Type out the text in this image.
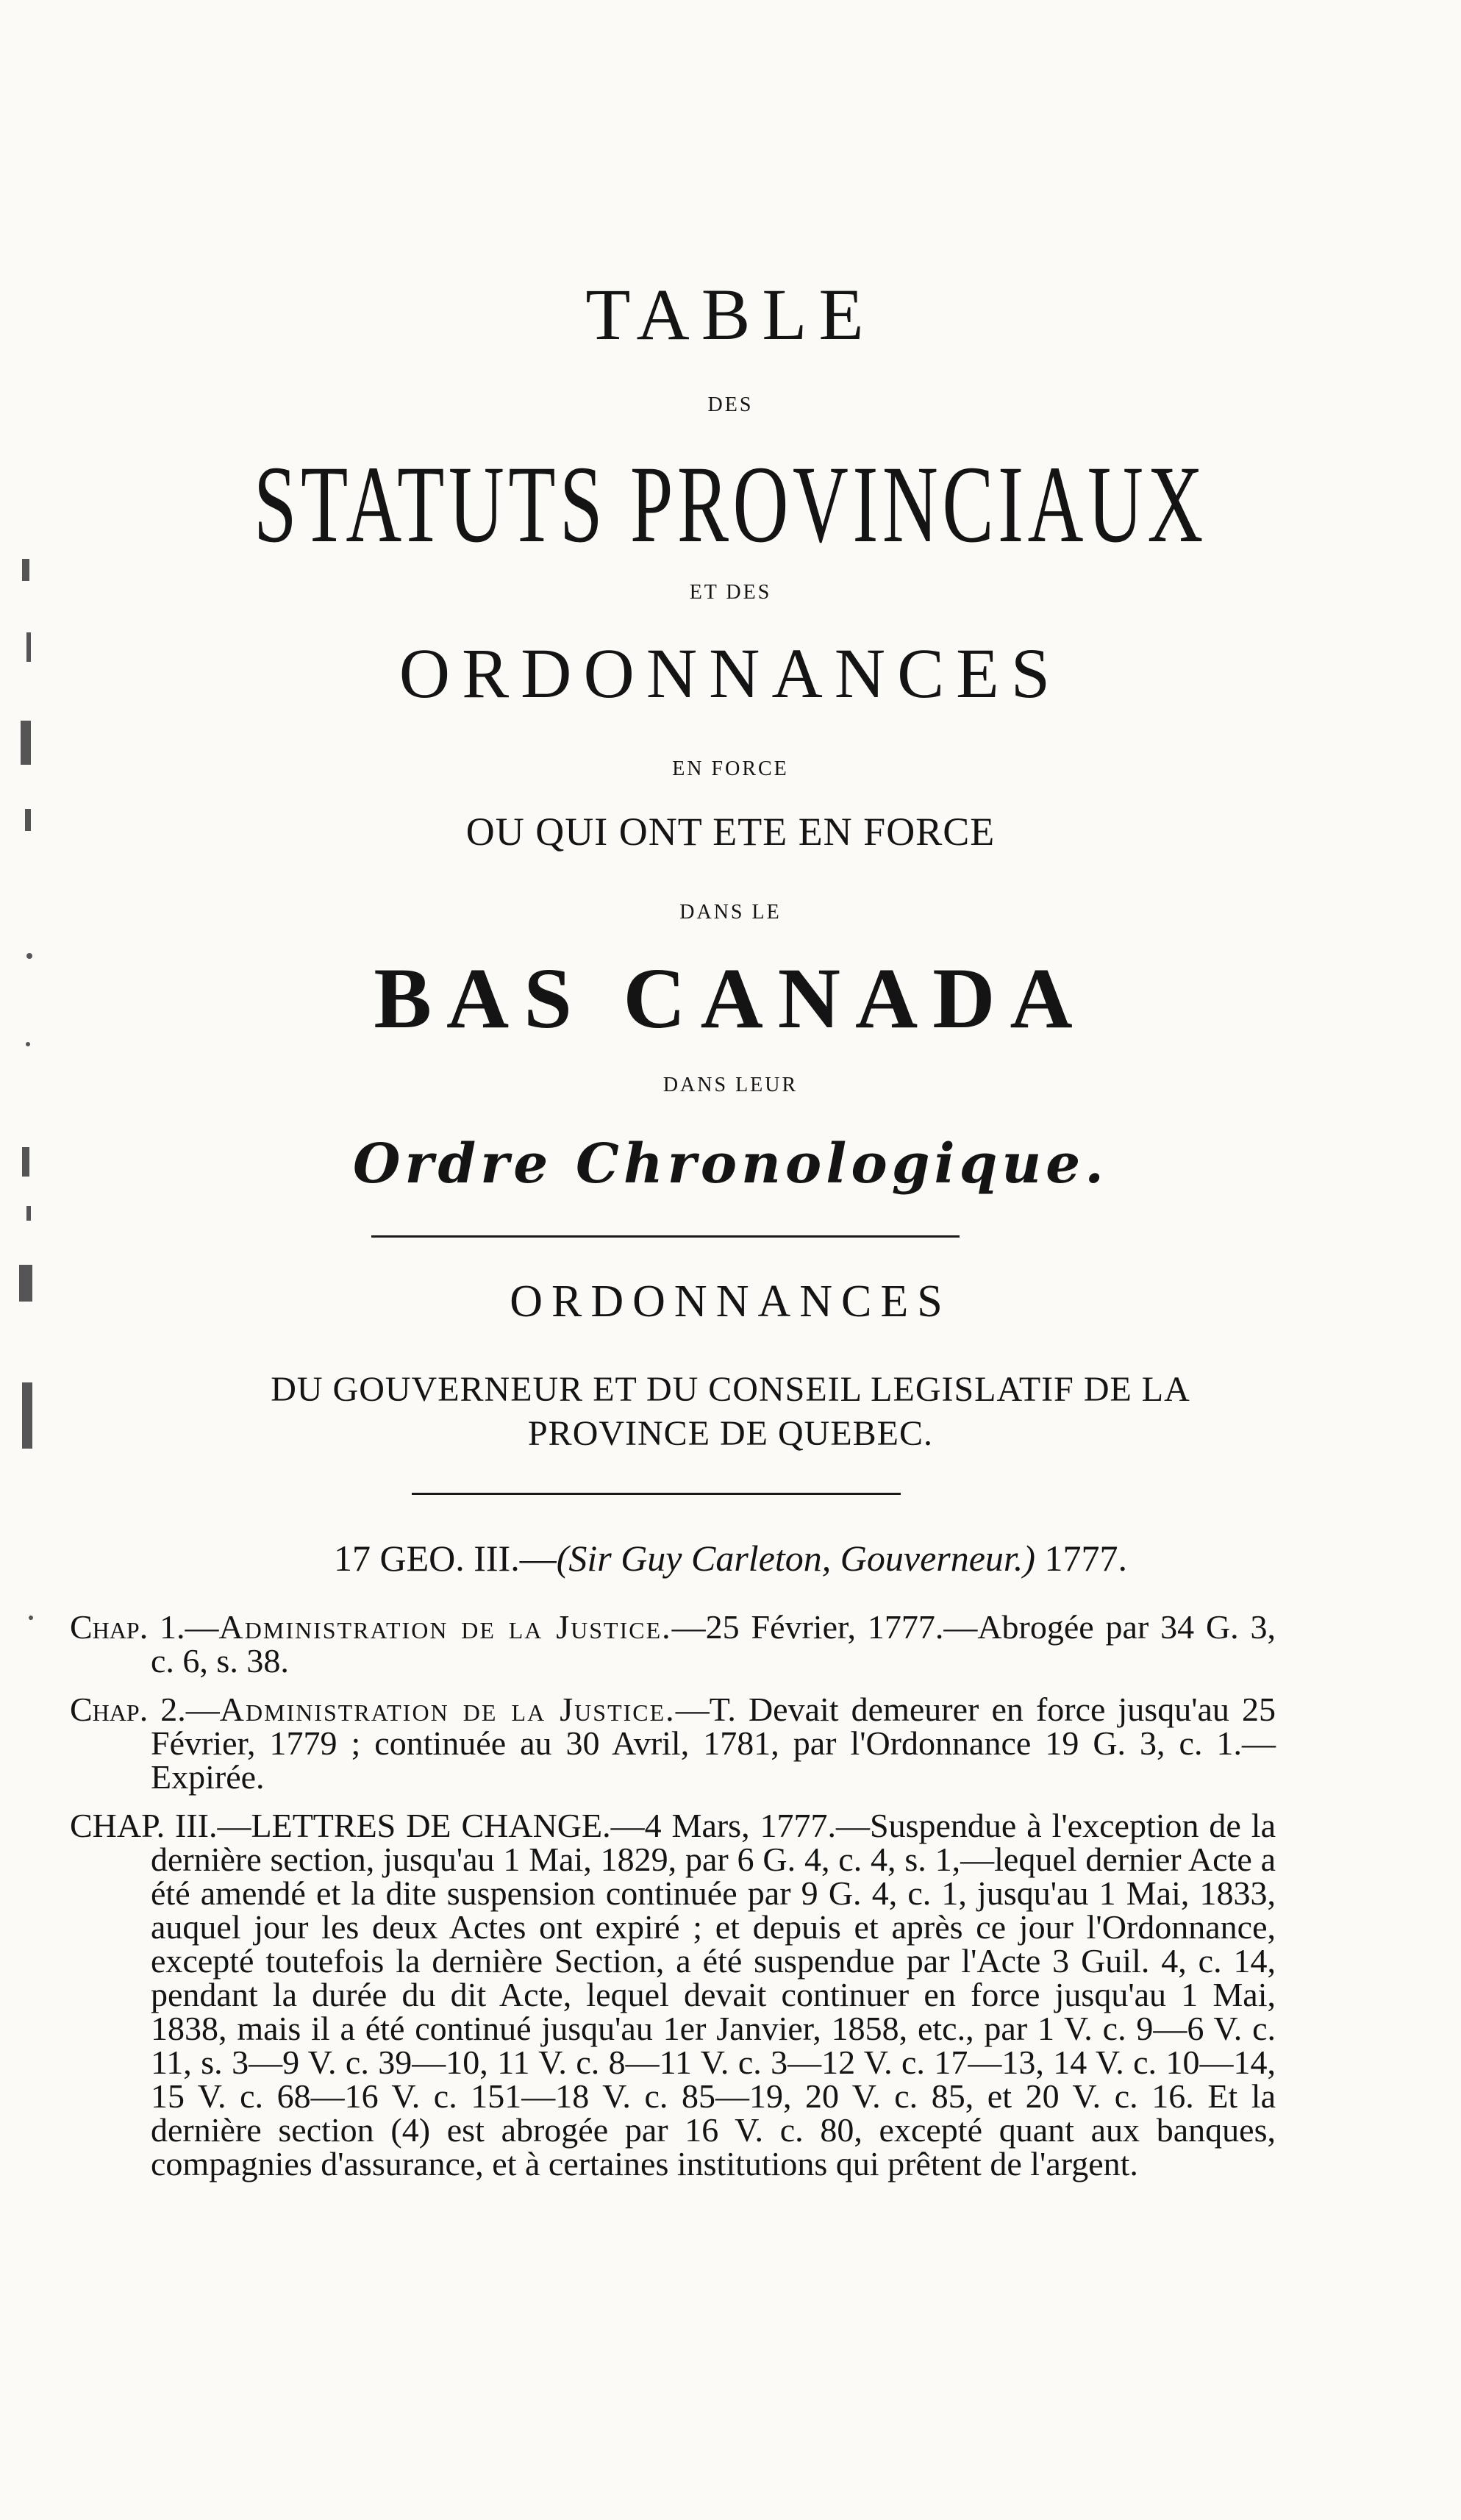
TABLE
DES
STATUTS PROVINCIAUX
ET DES
ORDONNANCES
EN FORCE
OU QUI ONT ETE EN FORCE
DANS LE
BAS CANADA
DANS LEUR
Ordre Chronologique.
ORDONNANCES
DU GOUVERNEUR ET DU CONSEIL LEGISLATIF DE LA
PROVINCE DE QUEBEC.
17 GEO. III.—(Sir Guy Carleton, Gouverneur.) 1777.

Chap. 1.—Administration de la Justice.—25 Février, 1777.—Abrogée par 34 G. 3, c. 6, s. 38.

Chap. 2.—Administration de la Justice.—T. Devait demeurer en force jusqu'au 25 Février, 1779 ; continuée au 30 Avril, 1781, par l'Ordonnance 19 G. 3, c. 1.—Expirée.

CHAP. III.—LETTRES DE CHANGE.—4 Mars, 1777.—Suspendue à l'exception de la dernière section, jusqu'au 1 Mai, 1829, par 6 G. 4, c. 4, s. 1,—lequel dernier Acte a été amendé et la dite suspension continuée par 9 G. 4, c. 1, jusqu'au 1 Mai, 1833, auquel jour les deux Actes ont expiré ; et depuis et après ce jour l'Ordonnance, excepté toutefois la dernière Section, a été suspendue par l'Acte 3 Guil. 4, c. 14, pendant la durée du dit Acte, lequel devait continuer en force jusqu'au 1 Mai, 1838, mais il a été continué jusqu'au 1er Janvier, 1858, etc., par 1 V. c. 9—6 V. c. 11, s. 3—9 V. c. 39—10, 11 V. c. 8—11 V. c. 3—12 V. c. 17—13, 14 V. c. 10—14, 15 V. c. 68—16 V. c. 151—18 V. c. 85—19, 20 V. c. 85, et 20 V. c. 16. Et la dernière section (4) est abrogée par 16 V. c. 80, excepté quant aux banques, compagnies d'assurance, et à certaines institutions qui prêtent de l'argent.
